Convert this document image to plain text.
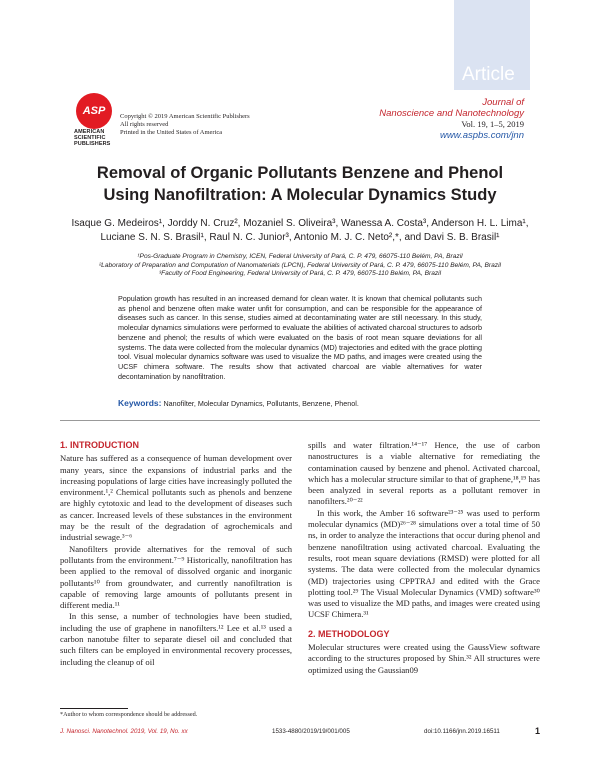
Article
ASP
AMERICAN
SCIENTIFIC
PUBLISHERS
Copyright © 2019 American Scientific Publishers
All rights reserved
Printed in the United States of America
Journal of
Nanoscience and Nanotechnology
Vol. 19, 1–5, 2019
www.aspbs.com/jnn
Removal of Organic Pollutants Benzene and Phenol
Using Nanofiltration: A Molecular Dynamics Study
Isaque G. Medeiros¹, Jorddy N. Cruz², Mozaniel S. Oliveira³, Wanessa A. Costa³, Anderson H. L. Lima¹,
Luciane S. N. S. Brasil¹, Raul N. C. Junior³, Antonio M. J. C. Neto²,*, and Davi S. B. Brasil¹
¹Pos-Graduate Program in Chemistry, ICEN, Federal University of Pará, C. P. 479, 66075-110 Belém, PA, Brazil
²Laboratory of Preparation and Computation of Nanomaterials (LPCN), Federal University of Pará, C. P. 479, 66075-110 Belém, PA, Brazil
³Faculty of Food Engineering, Federal University of Pará, C. P. 479, 66075-110 Belém, PA, Brazil
Population growth has resulted in an increased demand for clean water. It is known that chemical pollutants such as phenol and benzene often make water unfit for consumption, and can be responsible for the appearance of diseases such as cancer. In this sense, studies aimed at decontaminating water are still necessary. In this study, molecular dynamics simulations were performed to evaluate the abilities of activated charcoal structures to adsorb benzene and phenol; the results of which were evaluated on the basis of root mean square deviations for all systems. The data were collected from the molecular dynamics (MD) trajectories and edited with the grace plotting tool. Visual molecular dynamics software was used to visualize the MD paths, and images were created using the UCSF chimera software. The results show that activated charcoal are viable alternatives for water decontamination by nanofiltration.
Keywords: Nanofilter, Molecular Dynamics, Pollutants, Benzene, Phenol.
1. INTRODUCTION

Nature has suffered as a consequence of human development over many years, since the expansions of industrial parks and the increasing populations of large cities have increasingly polluted the environment.¹,² Chemical pollutants such as phenols and benzene are highly cytotoxic and lead to the development of diseases such as cancer. Increased levels of these substances in the environment may be the result of the degradation of agrochemicals and industrial sewage.³⁻⁶

Nanofilters provide alternatives for the removal of such pollutants from the environment.⁷⁻⁹ Historically, nanofiltration has been applied to the removal of dissolved organic and inorganic pollutants¹⁰ from groundwater, and currently nanofiltration is capable of removing large amounts of pollutants present in different media.¹¹

In this sense, a number of technologies have been studied, including the use of graphene in nanofilters.¹² Lee et al.¹³ used a carbon nanotube filter to separate diesel oil and concluded that such filters can be employed in environmental recovery processes, including the cleanup of oil

spills and water filtration.¹⁴⁻¹⁷ Hence, the use of carbon nanostructures is a viable alternative for remediating the contamination caused by benzene and phenol. Activated charcoal, which has a molecular structure similar to that of graphene,¹⁸,¹⁹ has been analyzed in several reports as a pollutant remover in nanofilters.²⁰⁻²²

In this work, the Amber 16 software²³⁻²⁵ was used to perform molecular dynamics (MD)²⁶⁻²⁸ simulations over a total time of 50 ns, in order to analyze the interactions that occur during phenol and benzene nanofiltration using activated charcoal. Evaluating the results, root mean square deviations (RMSD) were plotted for all systems. The data were collected from the molecular dynamics (MD) trajectories using CPPTRAJ and edited with the Grace plotting tool.²⁹ The Visual Molecular Dynamics (VMD) software³⁰ was used to visualize the MD paths, and images were created using UCSF Chimera.³¹

2. METHODOLOGY

Molecular structures were created using the GaussView software according to the structures proposed by Shin.³² All structures were optimized using the Gaussian09

*Author to whom correspondence should be addressed.
J. Nanosci. Nanotechnol. 2019, Vol. 19, No. xx	1533-4880/2019/19/001/005	doi:10.1166/jnn.2019.16511	1
